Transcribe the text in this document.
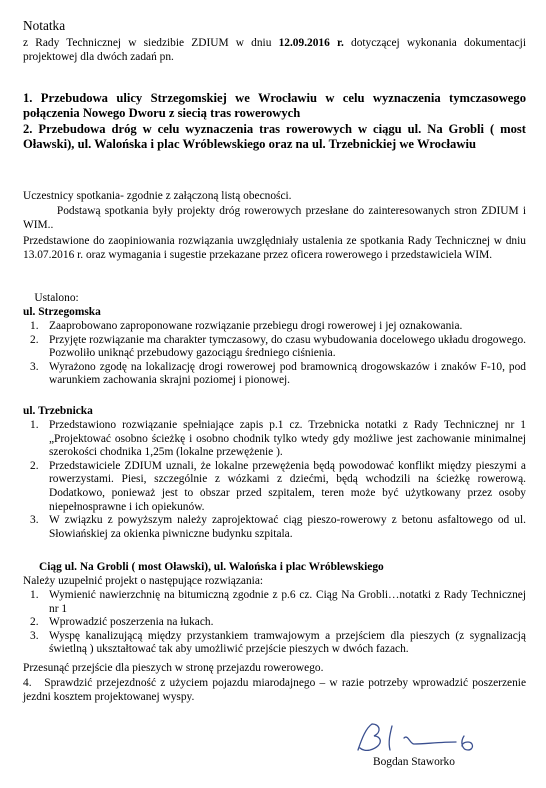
Notatka
z Rady Technicznej w siedzibie ZDIUM w dniu 12.09.2016 r. dotyczącej wykonania dokumentacji projektowej dla dwóch zadań pn.
1. Przebudowa ulicy Strzegomskiej we Wrocławiu w celu wyznaczenia tymczasowego połączenia Nowego Dworu z siecią tras rowerowych
2. Przebudowa dróg w celu wyznaczenia tras rowerowych w ciągu ul. Na Grobli ( most Oławski), ul. Walońska i plac Wróblewskiego oraz na ul. Trzebnickiej we Wrocławiu
Uczestnicy spotkania- zgodnie z załączoną listą obecności.
Podstawą spotkania były projekty dróg rowerowych przesłane do zainteresowanych stron ZDIUM i WIM..
Przedstawione do zaopiniowania rozwiązania uwzględniały ustalenia ze spotkania Rady Technicznej w dniu 13.07.2016 r. oraz wymagania i sugestie przekazane przez oficera rowerowego i przedstawiciela WIM.
Ustalono:
ul. Strzegomska
1. Zaaprobowano zaproponowane rozwiązanie przebiegu drogi rowerowej i jej oznakowania.
2. Przyjęte rozwiązanie ma charakter tymczasowy, do czasu wybudowania docelowego układu drogowego. Pozwoliło uniknąć przebudowy gazociągu średniego ciśnienia.
3. Wyrażono zgodę na lokalizację drogi rowerowej pod bramownicą drogowskazów i znaków F-10, pod warunkiem zachowania skrajni poziomej i pionowej.
ul. Trzebnicka
1. Przedstawiono rozwiązanie spełniające zapis p.1 cz. Trzebnicka notatki z Rady Technicznej nr 1 „Projektować osobno ścieżkę i osobno chodnik tylko wtedy gdy możliwe jest zachowanie minimalnej szerokości chodnika 1,25m (lokalne przewężenie ).
2. Przedstawiciele ZDIUM uznali, że lokalne przewężenia będą powodować konflikt między pieszymi a rowerzystami. Piesi, szczególnie z wózkami z dziećmi, będą wchodzili na ścieżkę rowerową. Dodatkowo, ponieważ jest to obszar przed szpitalem, teren może być użytkowany przez osoby niepełnosprawne i ich opiekunów.
3. W związku z powyższym należy zaprojektować ciąg pieszo-rowerowy z betonu asfaltowego od ul. Słowiańskiej za okienka piwniczne budynku szpitala.
Ciąg ul. Na Grobli ( most Oławski), ul. Walońska i plac Wróblewskiego
Należy uzupełnić projekt o następujące rozwiązania:
1. Wymienić nawierzchnię na bitumiczną zgodnie z p.6 cz. Ciąg Na Grobli…notatki z Rady Technicznej nr 1
2. Wprowadzić poszerzenia na łukach.
3. Wyspę kanalizującą między przystankiem tramwajowym a przejściem dla pieszych (z sygnalizacją świetlną ) ukształtować tak aby umożliwić przejście pieszych w dwóch fazach.
Przesunąć przejście dla pieszych w stronę przejazdu rowerowego.
4.   Sprawdzić przejezdność z użyciem pojazdu miarodajnego – w razie potrzeby wprowadzić poszerzenie jezdni kosztem projektowanej wyspy.
Bogdan Staworko
